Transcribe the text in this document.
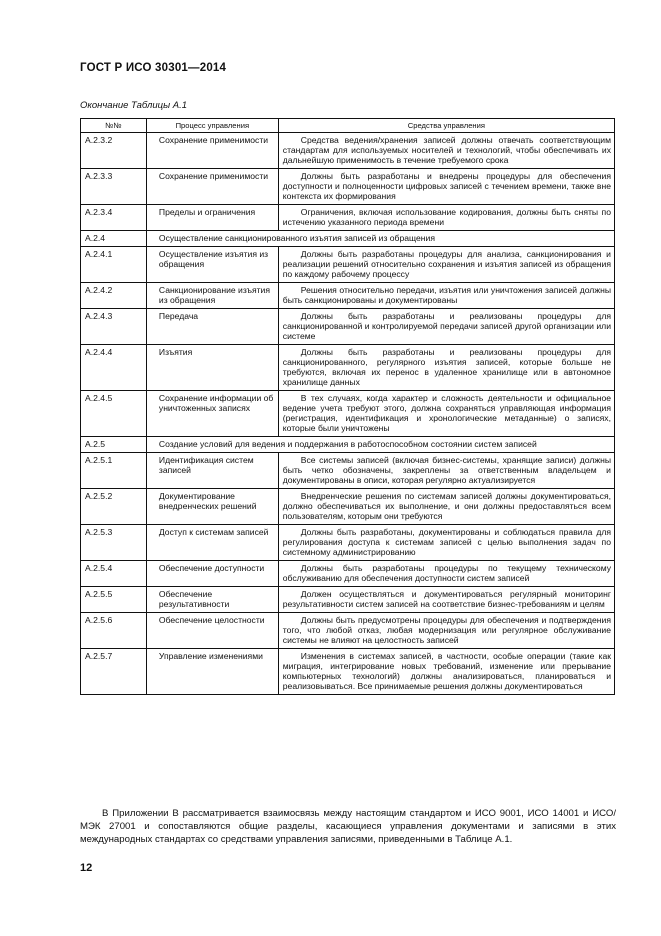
ГОСТ Р ИСО 30301—2014
Окончание Таблицы А.1
№№	Процесс управления	Средства управления
А.2.3.2	Сохранение применимости	Средства ведения/хранения записей должны отвечать соответствующим стандартам для используемых носителей и технологий, чтобы обеспечивать их дальнейшую применимость в течение требуемого срока
А.2.3.3	Сохранение применимости	Должны быть разработаны и внедрены процедуры для обеспечения доступности и полноценности цифровых записей с течением времени, также вне контекста их формирования
А.2.3.4	Пределы и ограничения	Ограничения, включая использование кодирования, должны быть сняты по истечению указанного периода времени
А.2.4	Осуществление санкционированного изъятия записей из обращения	
А.2.4.1	Осуществление изъятия из обращения	Должны быть разработаны процедуры для анализа, санкционирования и реализации решений относительно сохранения и изъятия записей из обращения по каждому рабочему процессу
А.2.4.2	Санкционирование изъятия из обращения	Решения относительно передачи, изъятия или уничтожения записей должны быть санкционированы и документированы
А.2.4.3	Передача	Должны быть разработаны и реализованы процедуры для санкционированной и контролируемой передачи записей другой организации или системе
А.2.4.4	Изъятия	Должны быть разработаны и реализованы процедуры для санкционированного, регулярного изъятия записей, которые больше не требуются, включая их перенос в удаленное хранилище или в автономное хранилище данных
А.2.4.5	Сохранение информации об уничтоженных записях	В тех случаях, когда характер и сложность деятельности и официальное ведение учета требуют этого, должна сохраняться управляющая информация (регистрация, идентификация и хронологические метаданные) о записях, которые были уничтожены
А.2.5	Создание условий для ведения и поддержания в работоспособном состоянии систем записей	
А.2.5.1	Идентификация систем записей	Все системы записей (включая бизнес-системы, хранящие записи) должны быть четко обозначены, закреплены за ответственным владельцем и документированы в описи, которая регулярно актуализируется
А.2.5.2	Документирование внедренческих решений	Внедренческие решения по системам записей должны документироваться, должно обеспечиваться их выполнение, и они должны предоставляться всем пользователям, которым они требуются
А.2.5.3	Доступ к системам записей	Должны быть разработаны, документированы и соблюдаться правила для регулирования доступа к системам записей с целью выполнения задач по системному администрированию
А.2.5.4	Обеспечение доступности	Должны быть разработаны процедуры по текущему техническому обслуживанию для обеспечения доступности систем записей
А.2.5.5	Обеспечение результативности	Должен осуществляться и документироваться регулярный мониторинг результативности систем записей на соответствие бизнес-требованиям и целям
А.2.5.6	Обеспечение целостности	Должны быть предусмотрены процедуры для обеспечения и подтверждения того, что любой отказ, любая модернизация или регулярное обслуживание системы не влияют на целостность записей
А.2.5.7	Управление изменениями	Изменения в системах записей, в частности, особые операции (такие как миграция, интегрирование новых требований, изменение или прерывание компьютерных технологий) должны анализироваться, планироваться и реализовываться. Все принимаемые решения должны документироваться
В Приложении В рассматривается взаимосвязь между настоящим стандартом и ИСО 9001, ИСО 14001 и ИСО/МЭК 27001 и сопоставляются общие разделы, касающиеся управления документами и записями в этих международных стандартах со средствами управления записями, приведенными в Таблице А.1.
12
